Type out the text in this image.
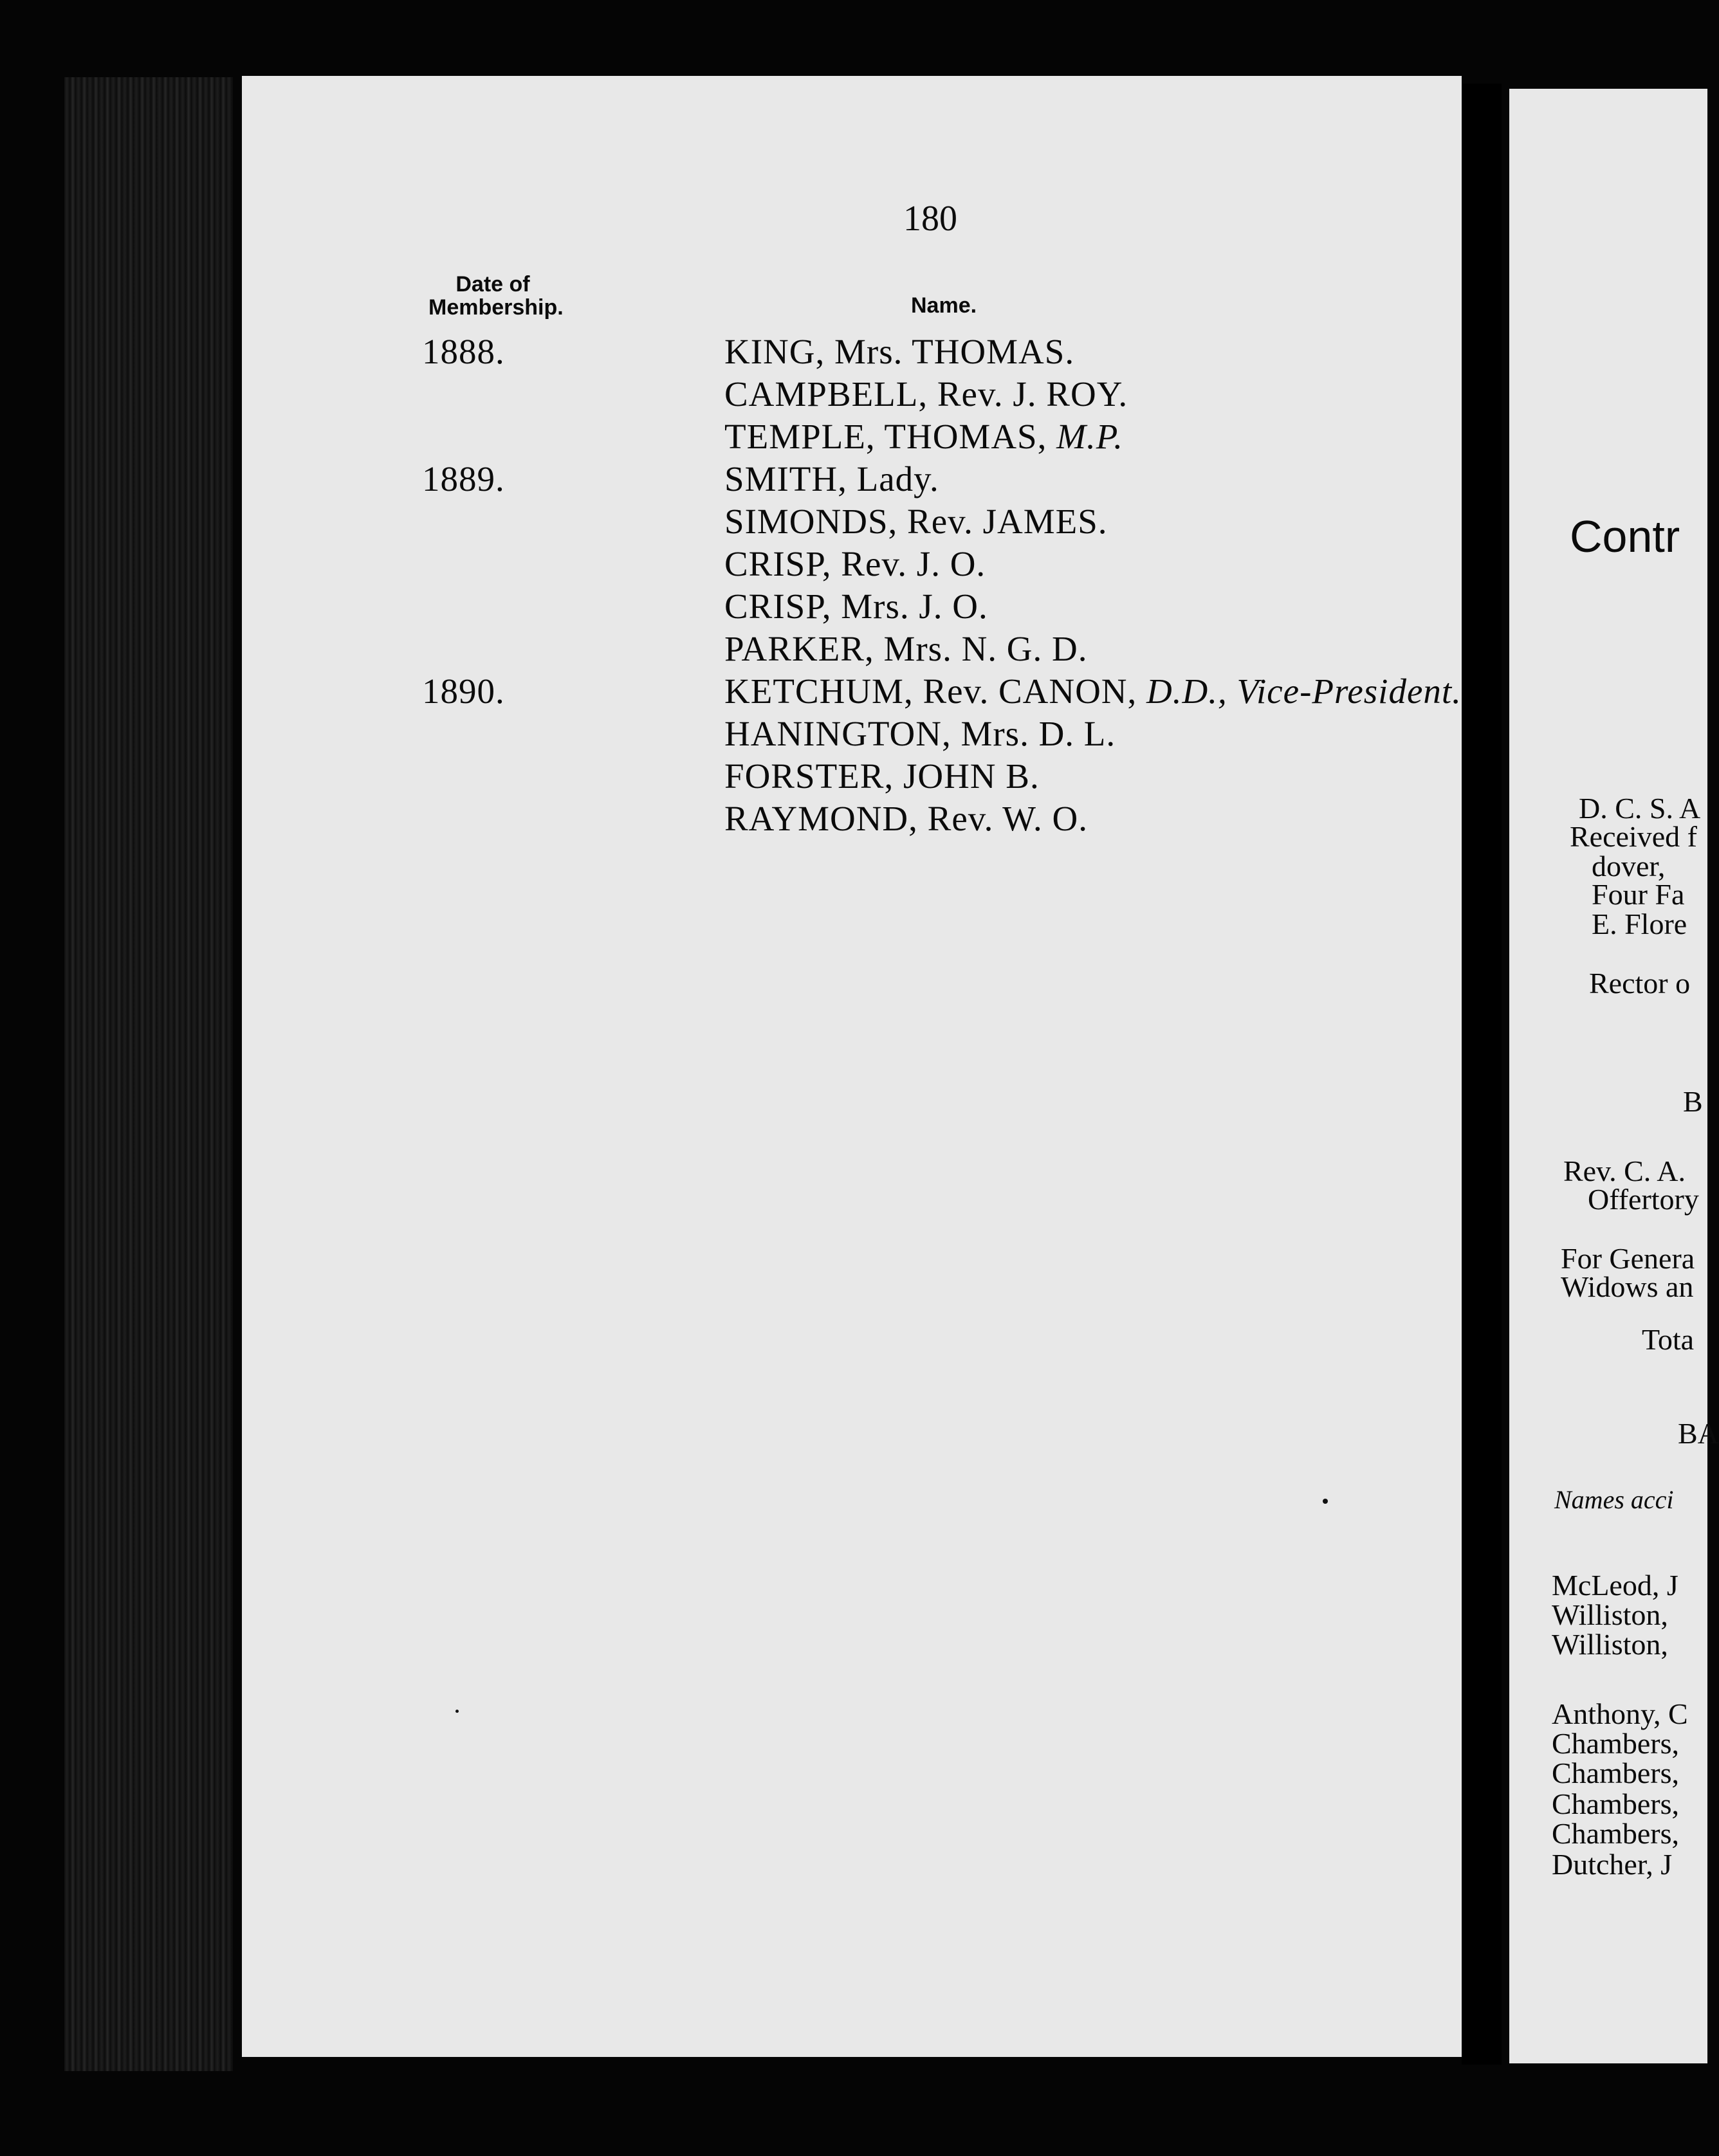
180
Date of
Membership.	Name.
1888.	KING, Mrs. THOMAS.
CAMPBELL, Rev. J. ROY.
TEMPLE, THOMAS, M.P.
1889.	SMITH, Lady.
SIMONDS, Rev. JAMES.
CRISP, Rev. J. O.
CRISP, Mrs. J. O.
PARKER, Mrs. N. G. D.
1890.	KETCHUM, Rev. CANON, D.D., Vice-President.
HANINGTON, Mrs. D. L.
FORSTER, JOHN B.
RAYMOND, Rev. W. O.
Contr
D. C. S. A
Received f
dover,
Four Fa
E. Flore
Rector o
B
Rev. C. A.
Offertory
For Genera
Widows an
Tota
BA
Names acci
McLeod, J
Williston,
Williston,
Anthony, C
Chambers,
Chambers,
Chambers,
Chambers,
Dutcher, J
